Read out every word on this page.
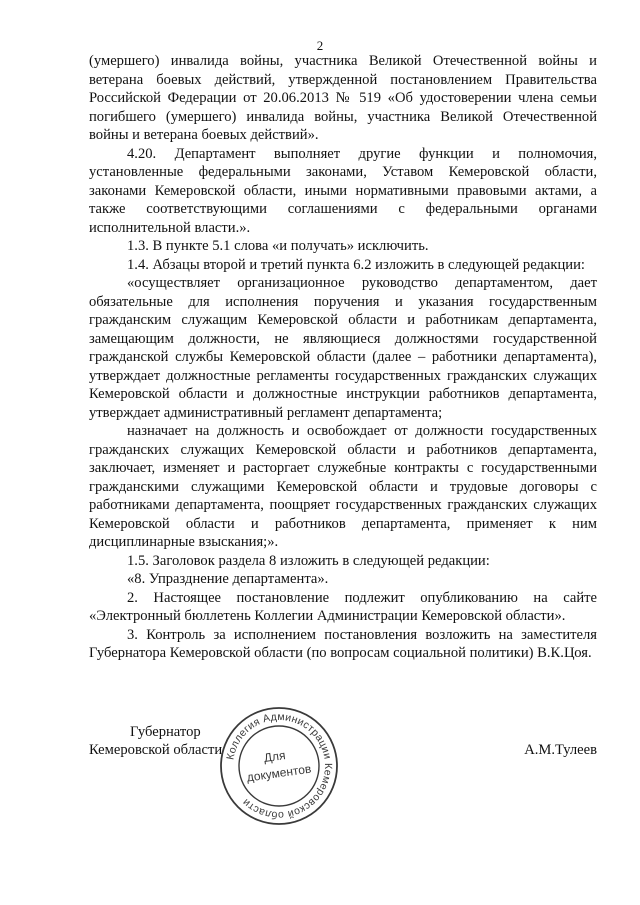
2

(умершего) инвалида войны, участника Великой Отечественной войны и ветерана боевых действий, утвержденной постановлением Правительства Российской Федерации от 20.06.2013 № 519 «Об удостоверении члена семьи погибшего (умершего) инвалида войны, участника Великой Отечественной войны и ветерана боевых действий».

4.20. Департамент выполняет другие функции и полномочия, установленные федеральными законами, Уставом Кемеровской области, законами Кемеровской области, иными нормативными правовыми актами, а также соответствующими соглашениями с федеральными органами исполнительной власти.».

1.3. В пункте 5.1 слова «и получать» исключить.

1.4. Абзацы второй и третий пункта 6.2 изложить в следующей редакции:

«осуществляет организационное руководство департаментом, дает обязательные для исполнения поручения и указания государственным гражданским служащим Кемеровской области и работникам департамента, замещающим должности, не являющиеся должностями государственной гражданской службы Кемеровской области (далее – работники департамента), утверждает должностные регламенты государственных гражданских служащих Кемеровской области и должностные инструкции работников департамента, утверждает административный регламент департамента;

назначает на должность и освобождает от должности государственных гражданских служащих Кемеровской области и работников департамента, заключает, изменяет и расторгает служебные контракты с государственными гражданскими служащими Кемеровской области и трудовые договоры с работниками департамента, поощряет государственных гражданских служащих Кемеровской области и работников департамента, применяет к ним дисциплинарные взыскания;».

1.5. Заголовок раздела 8 изложить в следующей редакции:

«8. Упразднение департамента».

2. Настоящее постановление подлежит опубликованию на сайте «Электронный бюллетень Коллегии Администрации Кемеровской области».

3. Контроль за исполнением постановления возложить на заместителя Губернатора Кемеровской области (по вопросам социальной политики) В.К.Цоя.

Губернатор
Кемеровской области	А.М.Тулеев
Коллегия Администрации Кемеровской области
Для
документов
